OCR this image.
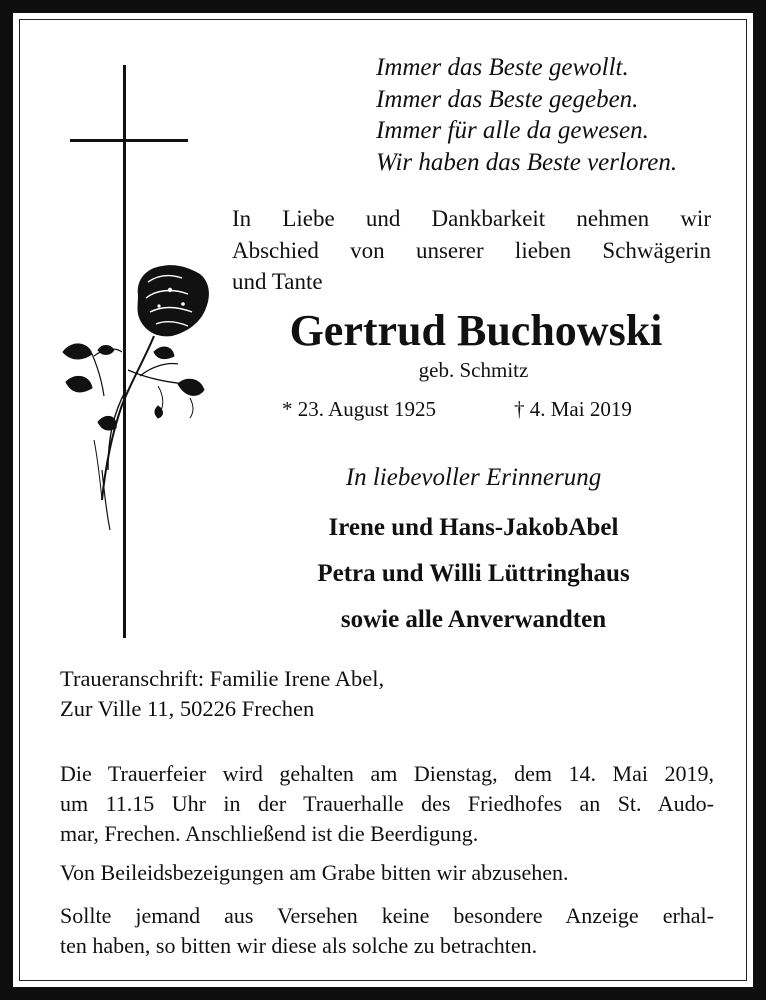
Immer das Beste gewollt.
Immer das Beste gegeben.
Immer für alle da gewesen.
Wir haben das Beste verloren.
In Liebe und Dankbarkeit nehmen wir
Abschied von unserer lieben Schwägerin
und Tante
Gertrud Buchowski
geb. Schmitz
* 23. August 1925	† 4. Mai 2019
In liebevoller Erinnerung
Irene und Hans-JakobAbel
Petra und Willi Lüttringhaus
sowie alle Anverwandten
Traueranschrift: Familie Irene Abel,
Zur Ville 11, 50226 Frechen
Die Trauerfeier wird gehalten am Dienstag, dem 14. Mai 2019,
um 11.15 Uhr in der Trauerhalle des Friedhofes an St. Audo-
mar, Frechen. Anschließend ist die Beerdigung.
Von Beileidsbezeigungen am Grabe bitten wir abzusehen.
Sollte jemand aus Versehen keine besondere Anzeige erhal-
ten haben, so bitten wir diese als solche zu betrachten.
